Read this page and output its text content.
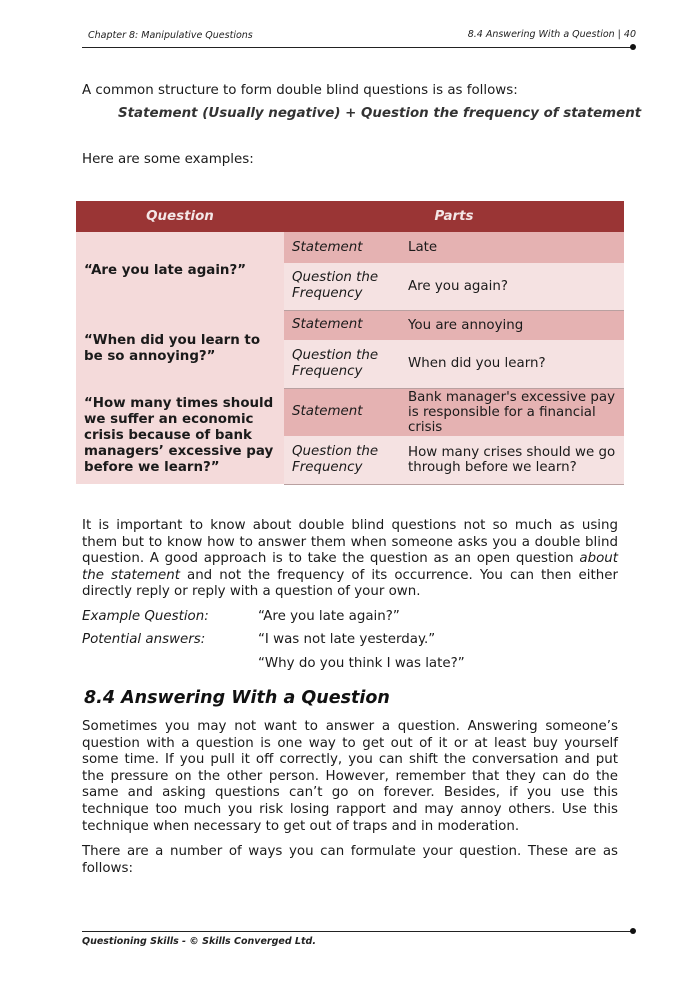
Chapter 8: Manipulative Questions	8.4 Answering With a Question | 40
A common structure to form double blind questions is as follows:
Statement (Usually negative) + Question the frequency of statement
Here are some examples:
Question	Parts	
“Are you late again?”	Statement	Late
	Question the Frequency	Are you again?
“When did you learn to be so annoying?”	Statement	You are annoying
	Question the Frequency	When did you learn?
“How many times should we suffer an economic crisis because of bank managers’ excessive pay before we learn?”	Statement	Bank manager's excessive pay is responsible for a financial crisis
	Question the Frequency	How many crises should we go through before we learn?
It is important to know about double blind questions not so much as using them but to know how to answer them when someone asks you a double blind question. A good approach is to take the question as an open question about the statement and not the frequency of its occurrence. You can then either directly reply or reply with a question of your own.
Example Question:	“Are you late again?”
Potential answers:	“I was not late yesterday.”
“Why do you think I was late?”
8.4 Answering With a Question
Sometimes you may not want to answer a question. Answering someone’s question with a question is one way to get out of it or at least buy yourself some time. If you pull it off correctly, you can shift the conversation and put the pressure on the other person. However, remember that they can do the same and asking questions can’t go on forever. Besides, if you use this technique too much you risk losing rapport and may annoy others. Use this technique when necessary to get out of traps and in moderation.
There are a number of ways you can formulate your question. These are as follows:
Questioning Skills - © Skills Converged Ltd.
